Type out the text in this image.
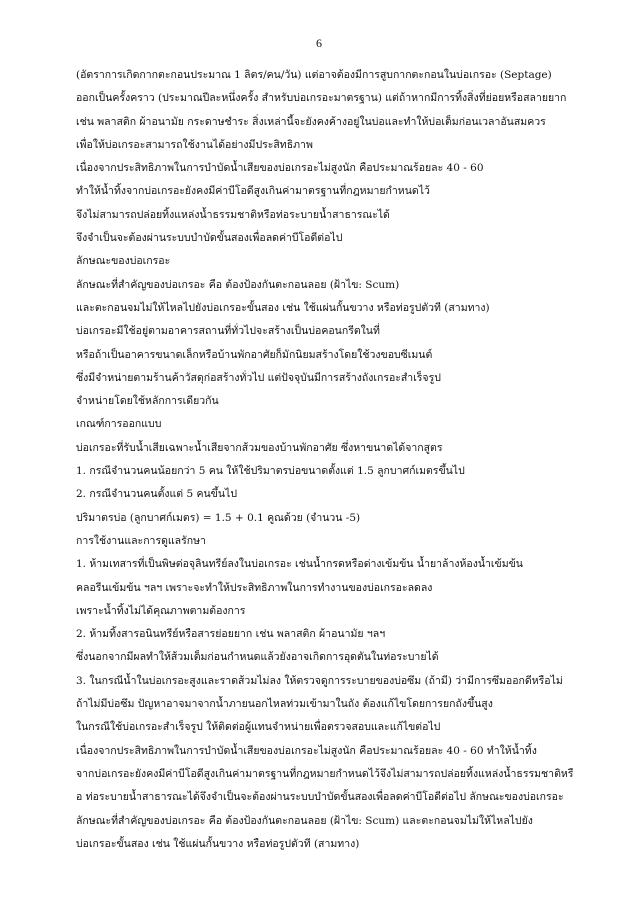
6
(อัตราการเกิดกากตะกอนประมาณ 1 ลิตร/คน/วัน) แต่อาจต้องมีการสูบกากตะกอนในบ่อเกรอะ (Septage)
ออกเป็นครั้งคราว (ประมาณปีละหนึ่งครั้ง สำหรับบ่อเกรอะมาตรฐาน) แต่ถ้าหากมีการทิ้งสิ่งที่ย่อยหรือสลายยาก
เช่น พลาสติก ผ้าอนามัย กระดาษชำระ สิ่งเหล่านี้จะยังคงค้างอยู่ในบ่อและทำให้บ่อเต็มก่อนเวลาอันสมควร
เพื่อให้บ่อเกรอะสามารถใช้งานได้อย่างมีประสิทธิภาพ
เนื่องจากประสิทธิภาพในการบำบัดน้ำเสียของบ่อเกรอะไม่สูงนัก คือประมาณร้อยละ 40 - 60
ทำให้น้ำทิ้งจากบ่อเกรอะยังคงมีค่าบีโอดีสูงเกินค่ามาตรฐานที่กฎหมายกำหนดไว้
จึงไม่สามารถปล่อยทิ้งแหล่งน้ำธรรมชาติหรือท่อระบายน้ำสาธารณะได้
จึงจำเป็นจะต้องผ่านระบบบำบัดขั้นสองเพื่อลดค่าบีโอดีต่อไป
ลักษณะของบ่อเกรอะ
ลักษณะที่สำคัญของบ่อเกรอะ คือ ต้องป้องกันตะกอนลอย (ฝ้าไข: Scum)
และตะกอนจมไม่ให้ไหลไปยังบ่อเกรอะขั้นสอง เช่น ใช้แผ่นกั้นขวาง หรือท่อรูปตัวที (สามทาง)
บ่อเกรอะมีใช้อยู่ตามอาคารสถานที่ทั่วไปจะสร้างเป็นบ่อคอนกรีตในที่
หรือถ้าเป็นอาคารขนาดเล็กหรือบ้านพักอาศัยก็มักนิยมสร้างโดยใช้วงขอบซีเมนต์
ซึ่งมีจำหน่ายตามร้านค้าวัสดุก่อสร้างทั่วไป แต่ปัจจุบันมีการสร้างถังเกรอะสำเร็จรูป
จำหน่ายโดยใช้หลักการเดียวกัน
เกณฑ์การออกแบบ
บ่อเกรอะที่รับน้ำเสียเฉพาะน้ำเสียจากส้วมของบ้านพักอาศัย ซึ่งหาขนาดได้จากสูตร
1. กรณีจำนวนคนน้อยกว่า 5 คน ให้ใช้ปริมาตรบ่อขนาดตั้งแต่ 1.5 ลูกบาศก์เมตรขึ้นไป
2. กรณีจำนวนคนตั้งแต่ 5 คนขึ้นไป
ปริมาตรบ่อ (ลูกบาศก์เมตร) = 1.5 + 0.1 คูณด้วย (จำนวน -5)
การใช้งานและการดูแลรักษา
1. ห้ามเทสารที่เป็นพิษต่อจุลินทรีย์ลงในบ่อเกรอะ เช่นน้ำกรดหรือด่างเข้มข้น น้ำยาล้างห้องน้ำเข้มข้น
คลอรีนเข้มข้น ฯลฯ เพราะจะทำให้ประสิทธิภาพในการทำงานของบ่อเกรอะลดลง
เพราะน้ำทิ้งไม่ได้คุณภาพตามต้องการ
2. ห้ามทิ้งสารอนินทรีย์หรือสารย่อยยาก เช่น พลาสติก ผ้าอนามัย ฯลฯ
ซึ่งนอกจากมีผลทำให้ส้วมเต็มก่อนกำหนดแล้วยังอาจเกิดการอุดตันในท่อระบายได้
3. ในกรณีน้ำในบ่อเกรอะสูงและราดส้วมไม่ลง ให้ตรวจดูการระบายของบ่อซึม (ถ้ามี) ว่ามีการซึมออกดีหรือไม่
ถ้าไม่มีบ่อซึม ปัญหาอาจมาจากน้ำภายนอกไหลท่วมเข้ามาในถัง ต้องแก้ไขโดยการยกถังขึ้นสูง
ในกรณีใช้บ่อเกรอะสำเร็จรูป ให้ติดต่อผู้แทนจำหน่ายเพื่อตรวจสอบและแก้ไขต่อไป
เนื่องจากประสิทธิภาพในการบำบัดน้ำเสียของบ่อเกรอะไม่สูงนัก คือประมาณร้อยละ 40 - 60 ทำให้น้ำทิ้ง
จากบ่อเกรอะยังคงมีค่าบีโอดีสูงเกินค่ามาตรฐานที่กฎหมายกำหนดไว้จึงไม่สามารถปล่อยทิ้งแหล่งน้ำธรรมชาติหรื
อ ท่อระบายน้ำสาธารณะได้จึงจำเป็นจะต้องผ่านระบบบำบัดขั้นสองเพื่อลดค่าบีโอดีต่อไป ลักษณะของบ่อเกรอะ
ลักษณะที่สำคัญของบ่อเกรอะ คือ ต้องป้องกันตะกอนลอย (ฝ้าไข: Scum) และตะกอนจมไม่ให้ไหลไปยัง
บ่อเกรอะขั้นสอง เช่น ใช้แผ่นกั้นขวาง หรือท่อรูปตัวที (สามทาง)
